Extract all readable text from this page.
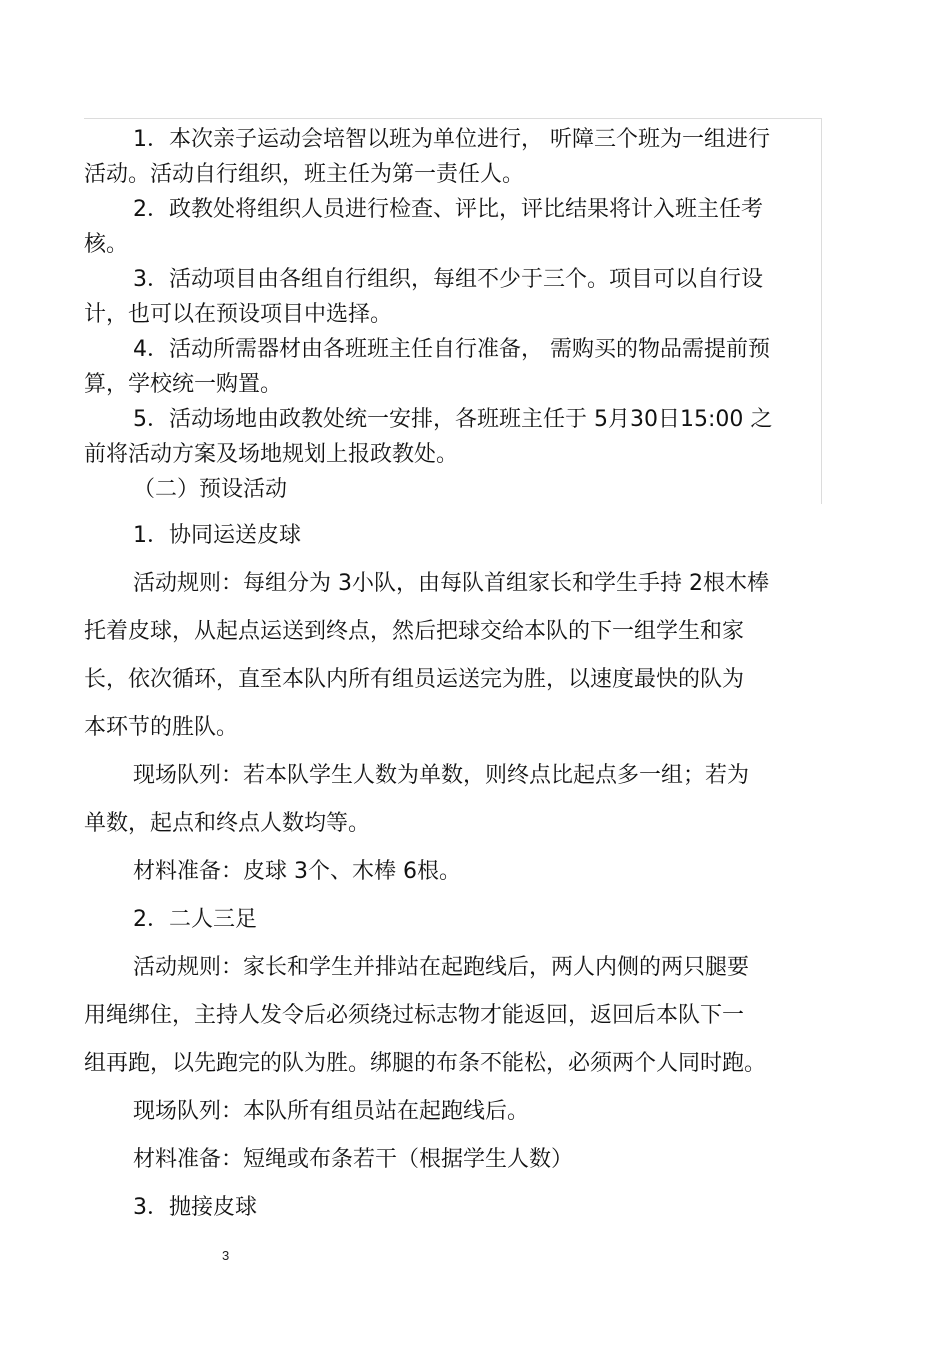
1．本次亲子运动会培智以班为单位进行， 听障三个班为一组进行

活动。活动自行组织，班主任为第一责任人。

2．政教处将组织人员进行检查、评比，评比结果将计入班主任考

核。

3．活动项目由各组自行组织，每组不少于三个。项目可以自行设

计，也可以在预设项目中选择。

4．活动所需器材由各班班主任自行准备， 需购买的物品需提前预

算，学校统一购置。

5．活动场地由政教处统一安排，各班班主任于 5月30日15:00 之

前将活动方案及场地规划上报政教处。

（二）预设活动

1．协同运送皮球

活动规则：每组分为 3小队，由每队首组家长和学生手持 2根木棒

托着皮球，从起点运送到终点，然后把球交给本队的下一组学生和家

长，依次循环，直至本队内所有组员运送完为胜，以速度最快的队为

本环节的胜队。

现场队列：若本队学生人数为单数，则终点比起点多一组；若为

单数，起点和终点人数均等。

材料准备：皮球 3个、木棒 6根。

2．二人三足

活动规则：家长和学生并排站在起跑线后，两人内侧的两只腿要

用绳绑住，主持人发令后必须绕过标志物才能返回，返回后本队下一

组再跑，以先跑完的队为胜。绑腿的布条不能松，必须两个人同时跑。

现场队列：本队所有组员站在起跑线后。

材料准备：短绳或布条若干（根据学生人数）

3．抛接皮球

3
